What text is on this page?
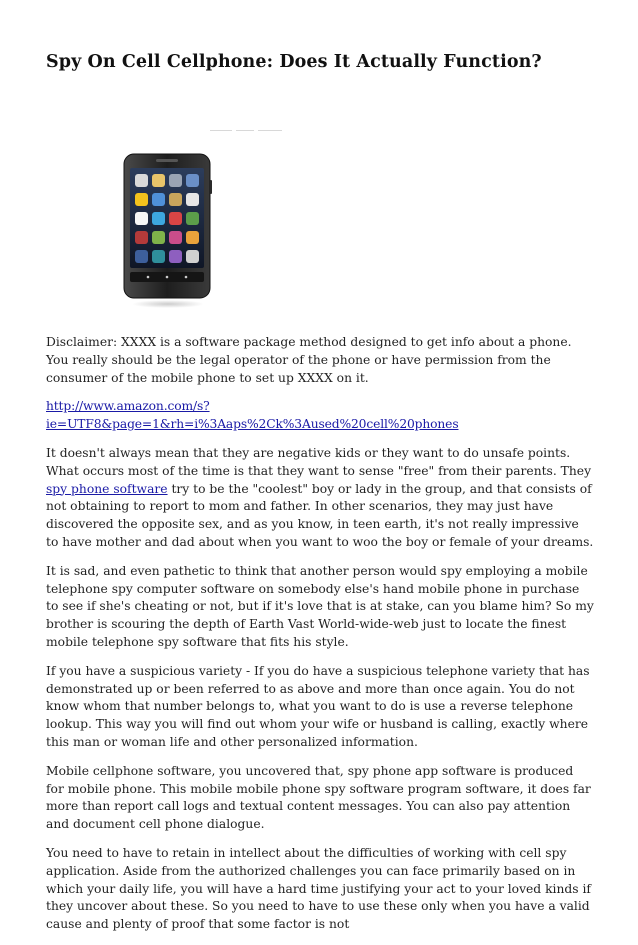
Spy On Cell Cellphone: Does It Actually Function?

Disclaimer: XXXX is a software package method designed to get info about a phone. You really should be the legal operator of the phone or have permission from the consumer of the mobile phone to set up XXXX on it.

http://www.amazon.com/s?ie=UTF8&page=1&rh=i%3Aaps%2Ck%3Aused%20cell%20phones

It doesn't always mean that they are negative kids or they want to do unsafe points. What occurs most of the time is that they want to sense "free" from their parents. They spy phone software try to be the "coolest" boy or lady in the group, and that consists of not obtaining to report to mom and father. In other scenarios, they may just have discovered the opposite sex, and as you know, in teen earth, it's not really impressive to have mother and dad about when you want to woo the boy or female of your dreams.

It is sad, and even pathetic to think that another person would spy employing a mobile telephone spy computer software on somebody else's hand mobile phone in purchase to see if she's cheating or not, but if it's love that is at stake, can you blame him? So my brother is scouring the depth of Earth Vast World-wide-web just to locate the finest mobile telephone spy software that fits his style.

If you have a suspicious variety - If you do have a suspicious telephone variety that has demonstrated up or been referred to as above and more than once again. You do not know whom that number belongs to, what you want to do is use a reverse telephone lookup. This way you will find out whom your wife or husband is calling, exactly where this man or woman life and other personalized information.

Mobile cellphone software, you uncovered that, spy phone app software is produced for mobile phone. This mobile mobile phone spy software program software, it does far more than report call logs and textual content messages. You can also pay attention and document cell phone dialogue.

You need to have to retain in intellect about the difficulties of working with cell spy application. Aside from the authorized challenges you can face primarily based on in which your daily life, you will have a hard time justifying your act to your loved kinds if they uncover about these. So you need to have to use these only when you have a valid cause and plenty of proof that some factor is not
